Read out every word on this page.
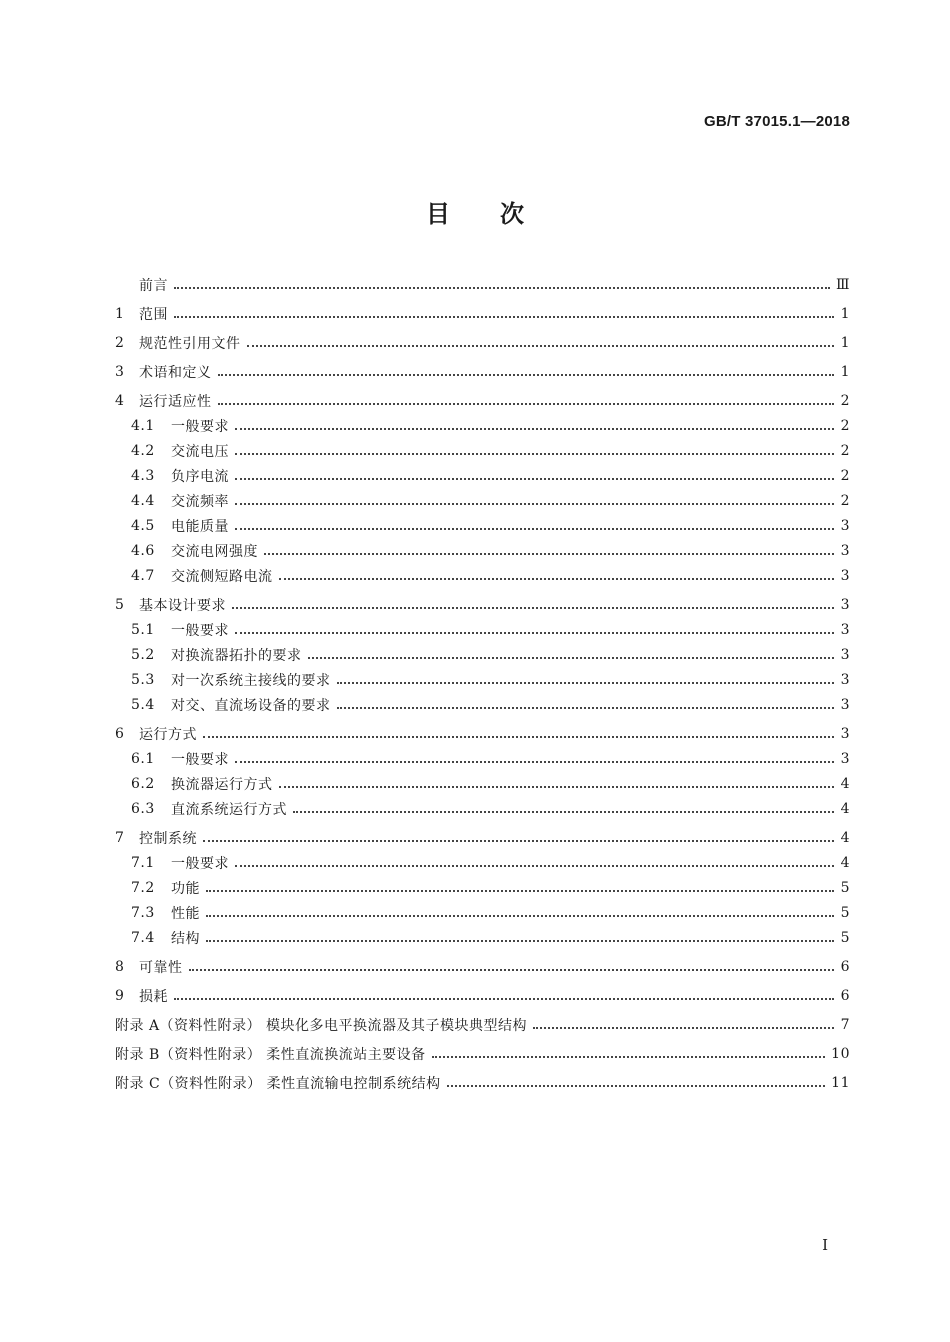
GB/T 37015.1—2018
目次
前言	Ⅲ
1	范围	1
2	规范性引用文件	1
3	术语和定义	1
4	运行适应性	2
4.1	一般要求	2
4.2	交流电压	2
4.3	负序电流	2
4.4	交流频率	2
4.5	电能质量	3
4.6	交流电网强度	3
4.7	交流侧短路电流	3
5	基本设计要求	3
5.1	一般要求	3
5.2	对换流器拓扑的要求	3
5.3	对一次系统主接线的要求	3
5.4	对交、直流场设备的要求	3
6	运行方式	3
6.1	一般要求	3
6.2	换流器运行方式	4
6.3	直流系统运行方式	4
7	控制系统	4
7.1	一般要求	4
7.2	功能	5
7.3	性能	5
7.4	结构	5
8	可靠性	6
9	损耗	6
附录 A（资料性附录） 模块化多电平换流器及其子模块典型结构	7
附录 B（资料性附录） 柔性直流换流站主要设备	10
附录 C（资料性附录） 柔性直流输电控制系统结构	11
I
